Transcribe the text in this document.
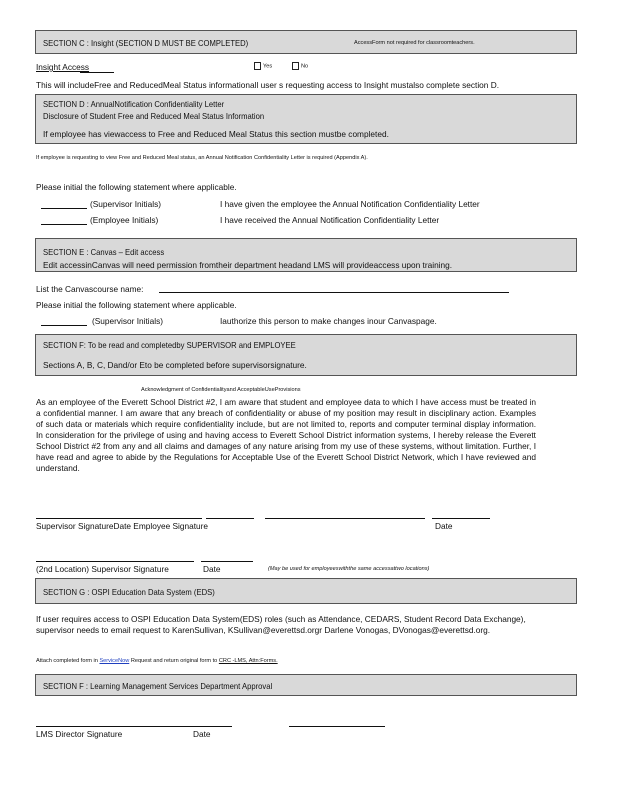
SECTION C : Insight (SECTION D MUST BE COMPLETED)	AccessForm not required for classroomteachers.
Insight Access	Yes	No
This will includeFree and ReducedMeal Status informationall user s requesting access to Insight mustalso complete section D.
SECTION D : AnnualNotification Confidentiality Letter
Disclosure of Student Free and Reduced Meal Status Information
If employee has viewaccess to Free and Reduced Meal Status this section mustbe completed.
If employee is requesting to view Free and Reduced Meal status, an Annual Notification Confidentiality Letter is required (Appendix A).
Please initial the following statement where applicable.
(Supervisor Initials)	I have given the employee the Annual Notification Confidentiality Letter
(Employee Initials)	I have received the Annual Notification Confidentiality Letter
SECTION E : Canvas – Edit access
Edit accessinCanvas will need permission fromtheir department headand LMS will provideaccess upon training.
List the Canvascourse name:
Please initial the following statement where applicable.
(Supervisor Initials)	Iauthorize this person to make changes inour Canvaspage.
SECTION F: To be read and completedby SUPERVISOR and EMPLOYEE
Sections A, B, C, Dand/or Eto be completed before supervisorsignature.
Acknowledgment of Confidentialityand AcceptableUseProvisions
As an employee of the Everett School District #2, I am aware that student and employee data to which I have access must be treated in a confidential manner. I am aware that any breach of confidentiality or abuse of my position may result in disciplinary action. Examples of such data or materials which require confidentiality include, but are not limited to, reports and computer terminal display information. In consideration for the privilege of using and having access to Everett School District information systems, I hereby release the Everett School District #2 from any and all claims and damages of any nature arising from my use of these systems, without limitation. Further, I have read and agree to abide by the Regulations for Acceptable Use of the Everett School District Network, which I have reviewed and understand.
Supervisor SignatureDate Employee Signature	Date
(2nd Location) Supervisor Signature	Date	(May be used for employeeswiththe same accessattwo locations)
SECTION G : OSPI Education Data System (EDS)
If user requires access to OSPI Education Data System(EDS) roles (such as Attendance, CEDARS, Student Record Data Exchange), supervisor needs to email request to KarenSullivan, KSullivan@everettsd.orgr Darlene Vonogas, DVonogas@everettsd.org.
Attach completed form in ServiceNow Request and return original form to CRC -LMS, Attn:Forms.
SECTION F : Learning Management Services Department Approval
LMS Director Signature	Date
